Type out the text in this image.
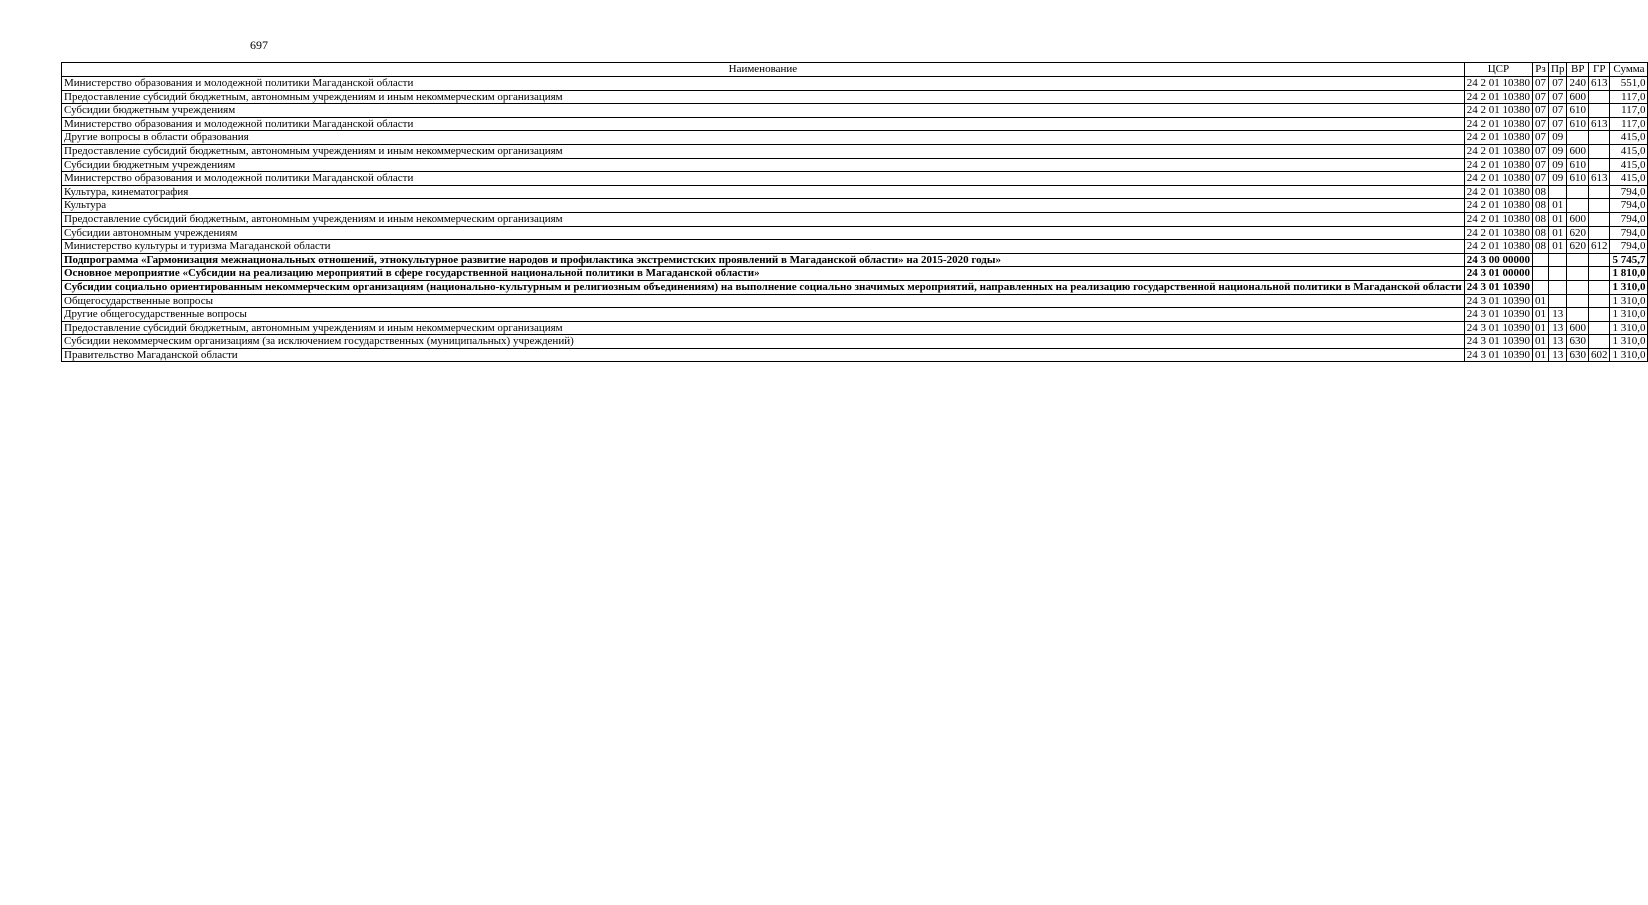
697
Наименование	ЦСР	Рз	Пр	ВР	ГР	Сумма
Министерство образования и молодежной политики Магаданской области	24 2 01 10380	07	07	240	613	551,0
Предоставление субсидий бюджетным, автономным учреждениям и иным некоммерческим организациям	24 2 01 10380	07	07	600		117,0
Субсидии бюджетным учреждениям	24 2 01 10380	07	07	610		117,0
Министерство образования и молодежной политики Магаданской области	24 2 01 10380	07	07	610	613	117,0
Другие вопросы в области образования	24 2 01 10380	07	09			415,0
Предоставление субсидий бюджетным, автономным учреждениям и иным некоммерческим организациям	24 2 01 10380	07	09	600		415,0
Субсидии бюджетным учреждениям	24 2 01 10380	07	09	610		415,0
Министерство образования и молодежной политики Магаданской области	24 2 01 10380	07	09	610	613	415,0
Культура, кинематография	24 2 01 10380	08				794,0
Культура	24 2 01 10380	08	01			794,0
Предоставление субсидий бюджетным, автономным учреждениям и иным некоммерческим организациям	24 2 01 10380	08	01	600		794,0
Субсидии автономным учреждениям	24 2 01 10380	08	01	620		794,0
Министерство культуры и туризма Магаданской области	24 2 01 10380	08	01	620	612	794,0
Подпрограмма «Гармонизация межнациональных отношений, этнокультурное развитие народов и профилактика экстремистских проявлений в Магаданской области» на 2015-2020 годы»	24 3 00 00000					5 745,7
Основное мероприятие «Субсидии на реализацию мероприятий в сфере государственной национальной политики в Магаданской области»	24 3 01 00000					1 810,0
Субсидии социально ориентированным некоммерческим организациям (национально-культурным и религиозным объединениям) на выполнение социально значимых мероприятий, направленных на реализацию государственной национальной политики в Магаданской области	24 3 01 10390					1 310,0
Общегосударственные вопросы	24 3 01 10390	01				1 310,0
Другие общегосударственные вопросы	24 3 01 10390	01	13			1 310,0
Предоставление субсидий бюджетным, автономным учреждениям и иным некоммерческим организациям	24 3 01 10390	01	13	600		1 310,0
Субсидии некоммерческим организациям (за исключением государственных (муниципальных) учреждений)	24 3 01 10390	01	13	630		1 310,0
Правительство Магаданской области	24 3 01 10390	01	13	630	602	1 310,0
